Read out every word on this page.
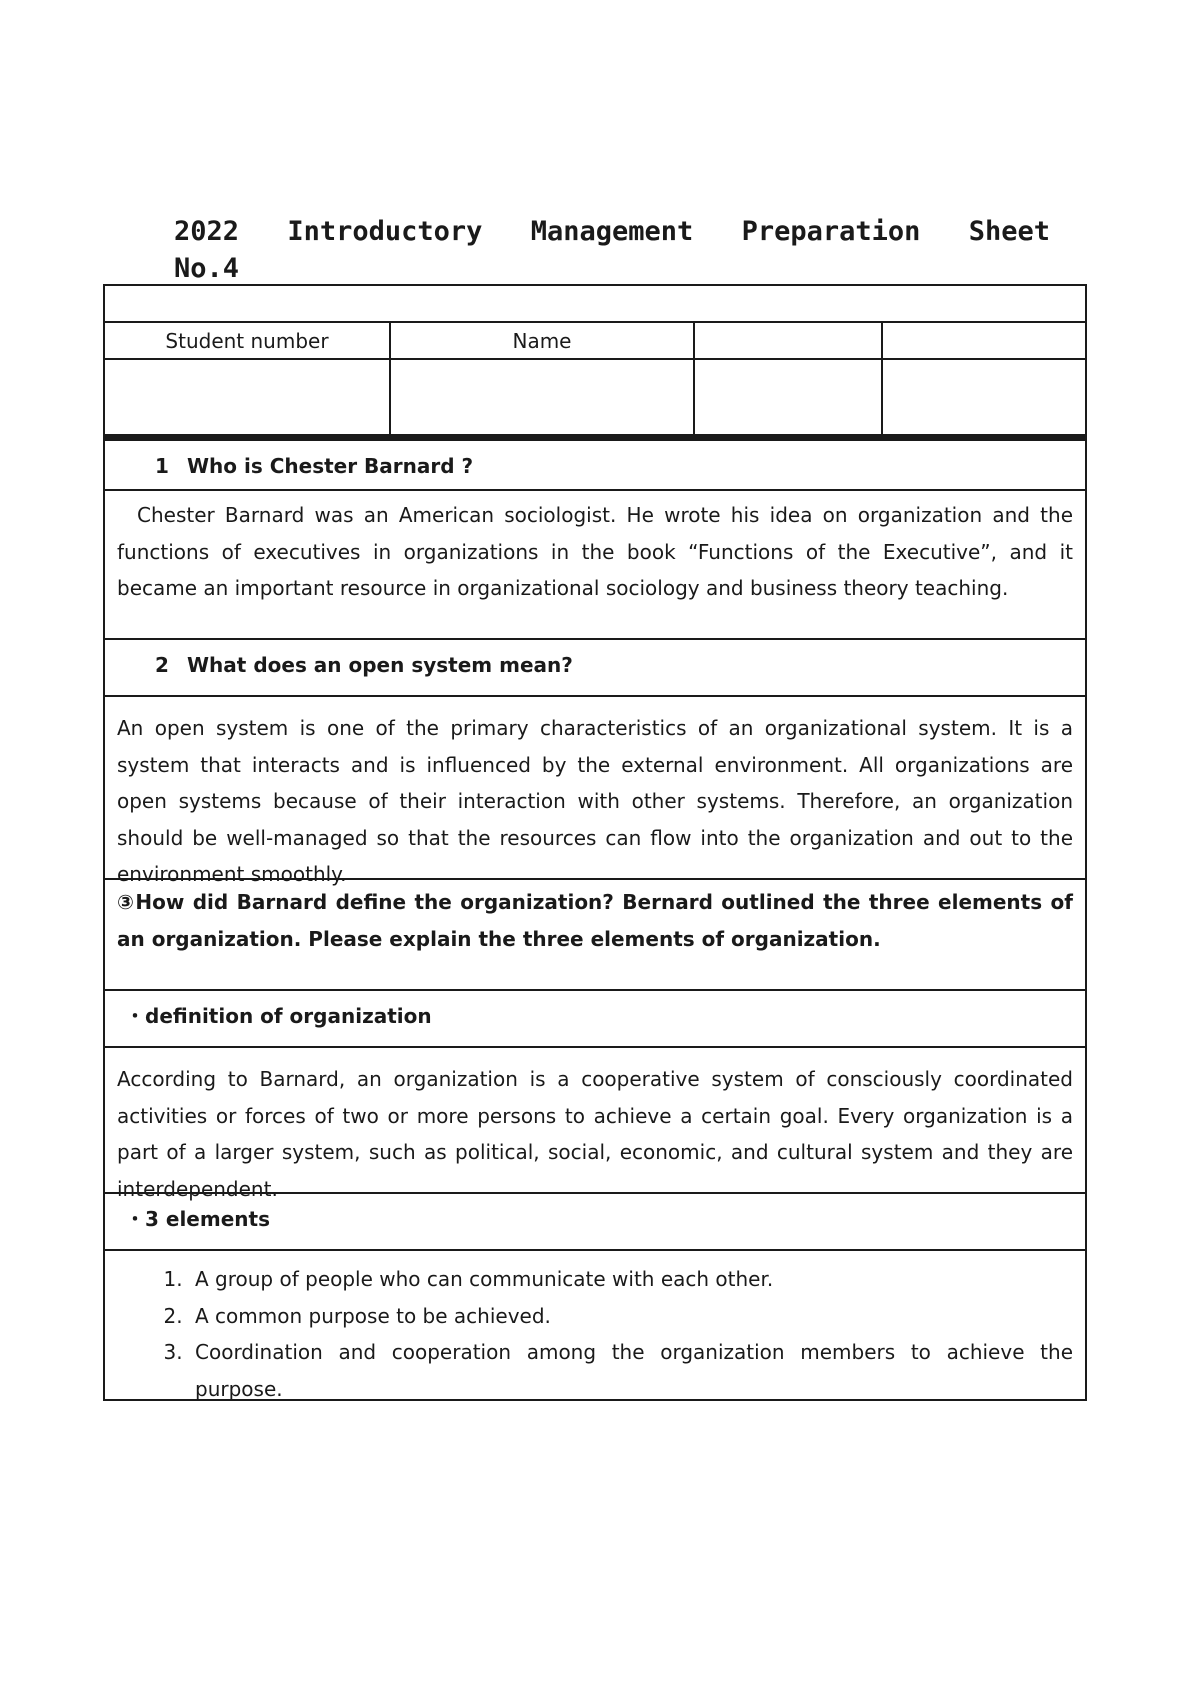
2022 Introductory Management Preparation Sheet
No.4
Student number	Name
1 Who is Chester Barnard ?
Chester Barnard was an American sociologist. He wrote his idea on organization and the functions of executives in organizations in the book “Functions of the Executive”, and it became an important resource in organizational sociology and business theory teaching.
2 What does an open system mean?
An open system is one of the primary characteristics of an organizational system. It is a system that interacts and is influenced by the external environment. All organizations are open systems because of their interaction with other systems. Therefore, an organization should be well-managed so that the resources can flow into the organization and out to the environment smoothly.
③How did Barnard define the organization? Bernard outlined the three elements of an organization. Please explain the three elements of organization.
・definition of organization
According to Barnard, an organization is a cooperative system of consciously coordinated activities or forces of two or more persons to achieve a certain goal. Every organization is a part of a larger system, such as political, social, economic, and cultural system and they are interdependent.
・3 elements
1. A group of people who can communicate with each other.
2. A common purpose to be achieved.
3. Coordination and cooperation among the organization members to achieve the purpose.
